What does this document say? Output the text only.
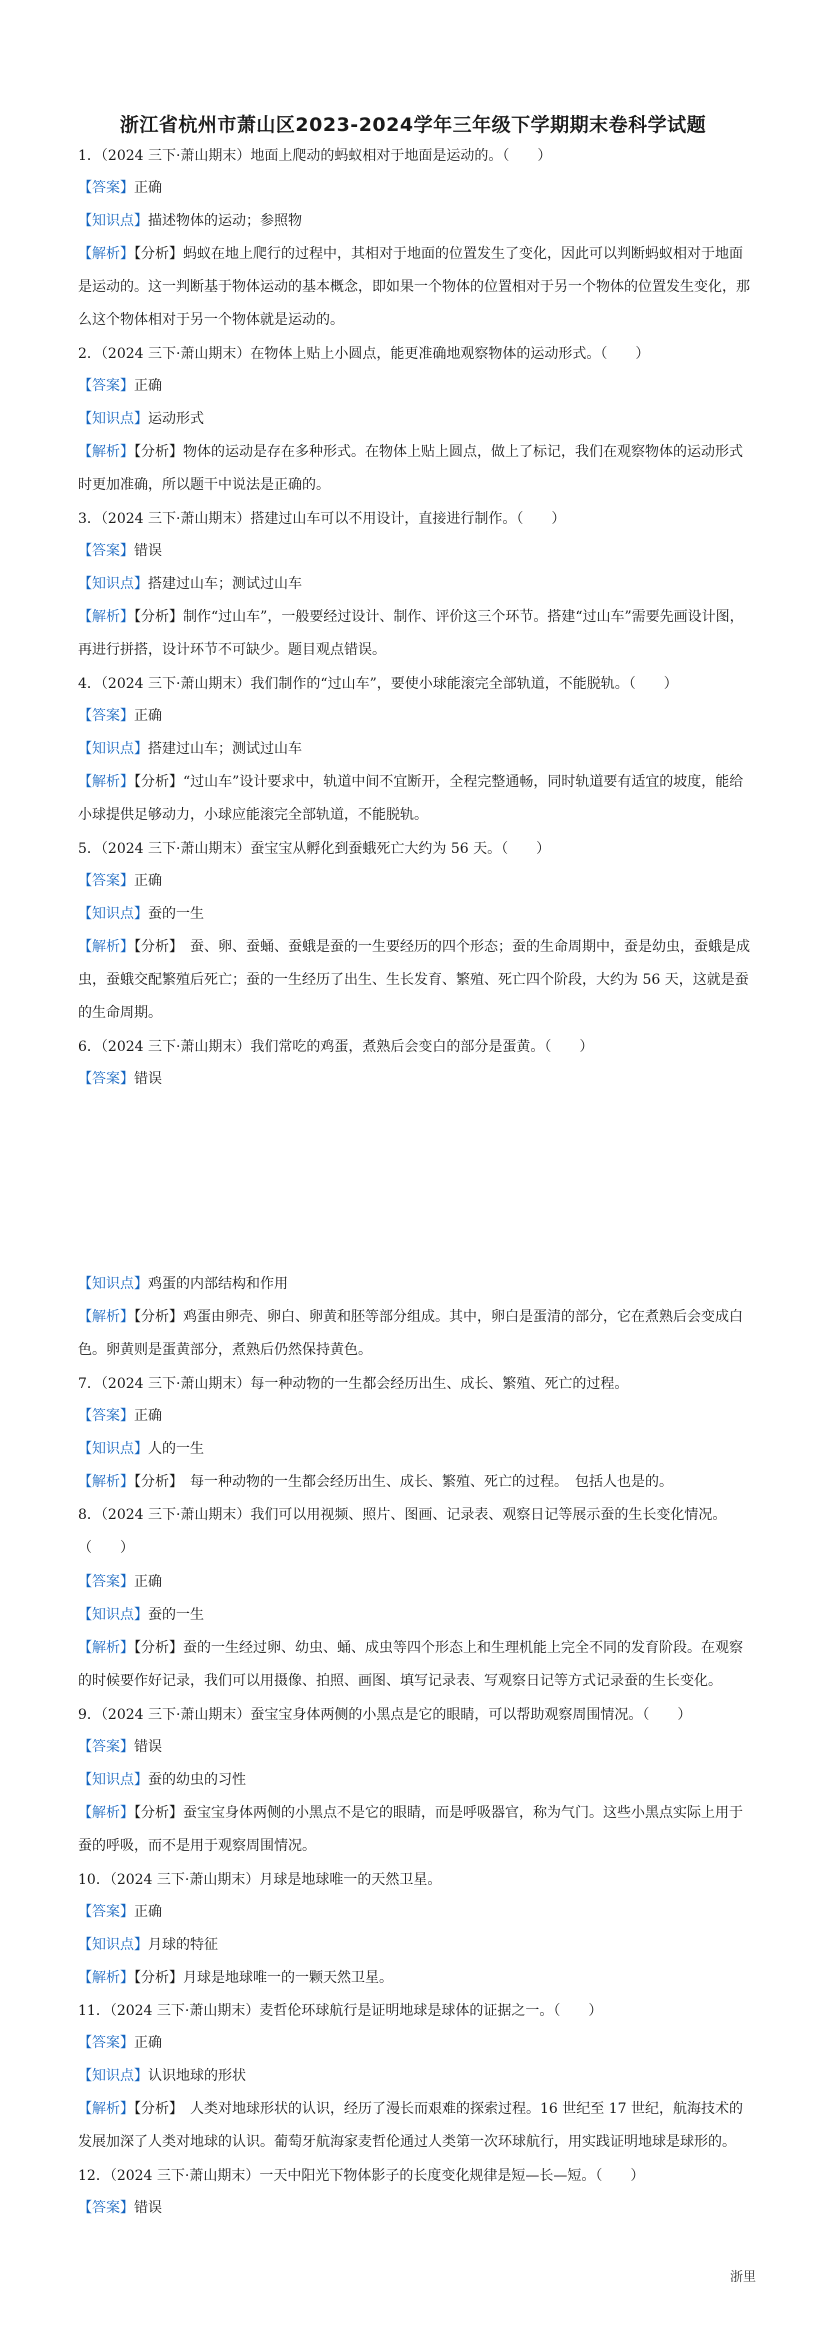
浙江省杭州市萧山区2023-2024学年三年级下学期期末卷科学试题
1．（2024 三下·萧山期末）地面上爬动的蚂蚁相对于地面是运动的。（　　）
【答案】正确
【知识点】描述物体的运动；参照物
【解析】【分析】蚂蚁在地上爬行的过程中，其相对于地面的位置发生了变化，因此可以判断蚂蚁相对于地面是运动的。这一判断基于物体运动的基本概念，即如果一个物体的位置相对于另一个物体的位置发生变化，那么这个物体相对于另一个物体就是运动的。
2．（2024 三下·萧山期末）在物体上贴上小圆点，能更准确地观察物体的运动形式。（　　）
【答案】正确
【知识点】运动形式
【解析】【分析】物体的运动是存在多种形式。在物体上贴上圆点，做上了标记，我们在观察物体的运动形式时更加准确，所以题干中说法是正确的。
3．（2024 三下·萧山期末）搭建过山车可以不用设计，直接进行制作。（　　）
【答案】错误
【知识点】搭建过山车；测试过山车
【解析】【分析】制作“过山车”，一般要经过设计、制作、评价这三个环节。搭建“过山车”需要先画设计图，再进行拼搭，设计环节不可缺少。题目观点错误。
4．（2024 三下·萧山期末）我们制作的“过山车”，要使小球能滚完全部轨道，不能脱轨。（　　）
【答案】正确
【知识点】搭建过山车；测试过山车
【解析】【分析】“过山车”设计要求中，轨道中间不宜断开，全程完整通畅，同时轨道要有适宜的坡度，能给小球提供足够动力，小球应能滚完全部轨道，不能脱轨。
5．（2024 三下·萧山期末）蚕宝宝从孵化到蚕蛾死亡大约为 56 天。（　　）
【答案】正确
【知识点】蚕的一生
【解析】【分析】　蚕、卵、蚕蛹、蚕蛾是蚕的一生要经历的四个形态；蚕的生命周期中，蚕是幼虫，蚕蛾是成虫，蚕蛾交配繁殖后死亡；蚕的一生经历了出生、生长发育、繁殖、死亡四个阶段，大约为 56 天，这就是蚕的生命周期。
6．（2024 三下·萧山期末）我们常吃的鸡蛋，煮熟后会变白的部分是蛋黄。（　　）
【答案】错误
【知识点】鸡蛋的内部结构和作用
【解析】【分析】鸡蛋由卵壳、卵白、卵黄和胚等部分组成。其中，卵白是蛋清的部分，它在煮熟后会变成白色。卵黄则是蛋黄部分，煮熟后仍然保持黄色。
7．（2024 三下·萧山期末）每一种动物的一生都会经历出生、成长、繁殖、死亡的过程。
【答案】正确
【知识点】人的一生
【解析】【分析】　每一种动物的一生都会经历出生、成长、繁殖、死亡的过程。　包括人也是的。
8．（2024 三下·萧山期末）我们可以用视频、照片、图画、记录表、观察日记等展示蚕的生长变化情况。（　　）
【答案】正确
【知识点】蚕的一生
【解析】【分析】蚕的一生经过卵、幼虫、蛹、成虫等四个形态上和生理机能上完全不同的发育阶段。在观察的时候要作好记录，我们可以用摄像、拍照、画图、填写记录表、写观察日记等方式记录蚕的生长变化。
9．（2024 三下·萧山期末）蚕宝宝身体两侧的小黑点是它的眼睛，可以帮助观察周围情况。（　　）
【答案】错误
【知识点】蚕的幼虫的习性
【解析】【分析】蚕宝宝身体两侧的小黑点不是它的眼睛，而是呼吸器官，称为气门。这些小黑点实际上用于蚕的呼吸，而不是用于观察周围情况。
10．（2024 三下·萧山期末）月球是地球唯一的天然卫星。
【答案】正确
【知识点】月球的特征
【解析】【分析】月球是地球唯一的一颗天然卫星。
11．（2024 三下·萧山期末）麦哲伦环球航行是证明地球是球体的证据之一。（　　）
【答案】正确
【知识点】认识地球的形状
【解析】【分析】　人类对地球形状的认识，经历了漫长而艰难的探索过程。16 世纪至 17 世纪，航海技术的发展加深了人类对地球的认识。葡萄牙航海家麦哲伦通过人类第一次环球航行，用实践证明地球是球形的。
12．（2024 三下·萧山期末）一天中阳光下物体影子的长度变化规律是短—长—短。（　　）
【答案】错误
浙里
